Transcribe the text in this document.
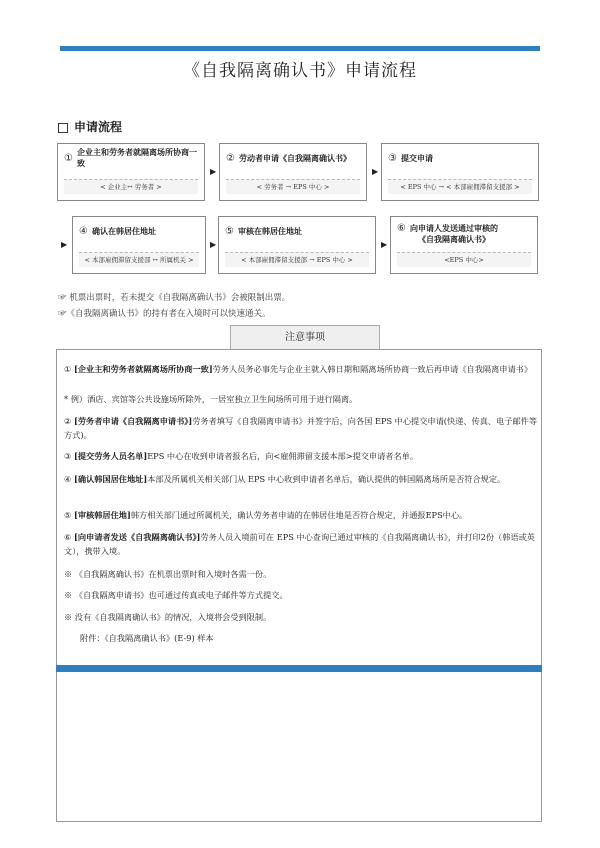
《自我隔离确认书》申请流程
申请流程
① 企业主和劳务者就隔离场所协商一致
< 企业主↔ 劳务者 >
▶
② 劳动者申请《自我隔离确认书》
< 劳务者 → EPS 中心 >
▶
③ 提交申请
< EPS 中心 → < 本部雇佣滞留支援部 >
▶
④ 确认在韩居住地址
< 本部雇佣滞留支援部 ↔ 所属机关 >
▶
⑤ 审核在韩居住地址
< 本部雇佣滞留支援部 → EPS 中心 >
▶
⑥ 向申请人发送通过审核的
《自我隔离确认书》
<EPS 中心>
☞ 机票出票时，若未提交《自我隔离确认书》会被限制出票。
☞《自我隔离确认书》的持有者在入境时可以快速通关。
注意事项
① [企业主和劳务者就隔离场所协商一致]劳务人员务必事先与企业主就入韩日期和隔离场所协商一致后再申请《自我隔离申请书》
* 例）酒店、宾馆等公共设施场所除外，一居室独立卫生间场所可用于进行隔离。
② [劳务者申请《自我隔离申请书》]劳务者填写《自我隔离申请书》并签字后，向各国 EPS 中心提交申请(快递、传真、电子邮件等方式)。
③ [提交劳务人员名单]EPS 中心在收到申请者报名后，向<雇佣滞留支援本部>提交申请者名单。
④ [确认韩国居住地址]本部及所属机关相关部门从 EPS 中心收到申请者名单后，确认提供的韩国隔离场所是否符合规定。
⑤ [审核韩居住地]韩方相关部门通过所属机关，确认劳务者申请的在韩居住地是否符合规定，并通报EPS中心。
⑥ [向申请者发送《自我隔离确认书》]劳务人员入境前可在 EPS 中心查询已通过审核的《自我隔离确认书》，并打印2份（韩语或英文），携带入境。
※ 《自我隔离确认书》在机票出票时和入境时各需一份。
※ 《自我隔离申请书》也可通过传真或电子邮件等方式提交。
※ 没有《自我隔离确认书》的情况，入境将会受到限制。
附件：《自我隔离确认书》(E-9) 样本
